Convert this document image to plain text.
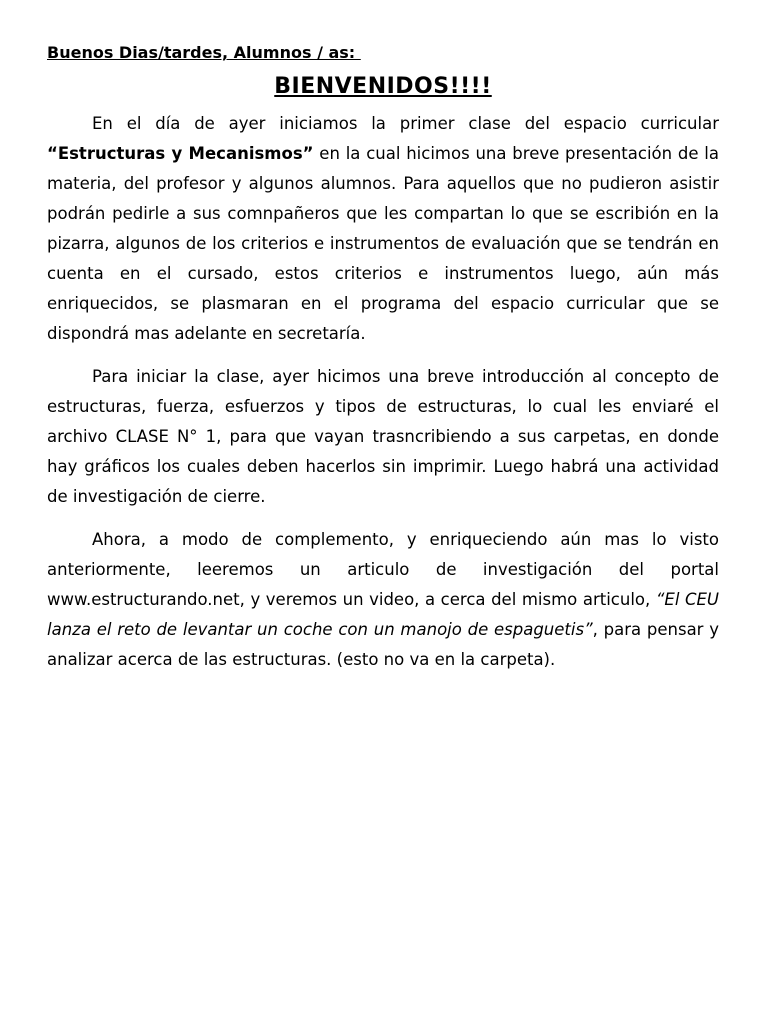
Buenos Dias/tardes, Alumnos / as:

BIENVENIDOS!!!!

En el día de ayer iniciamos la primer clase del espacio curricular “Estructuras y Mecanismos” en la cual hicimos una breve presentación de la materia, del profesor y algunos alumnos. Para aquellos que no pudieron asistir podrán pedirle a sus comnpañeros que les compartan lo que se escribión en la pizarra, algunos de los criterios e instrumentos de evaluación que se tendrán en cuenta en el cursado, estos criterios e instrumentos luego, aún más enriquecidos, se plasmaran en el programa del espacio curricular que se dispondrá mas adelante en secretaría.

Para iniciar la clase, ayer hicimos una breve introducción al concepto de estructuras, fuerza, esfuerzos y tipos de estructuras, lo cual les enviaré el archivo CLASE N° 1, para que vayan trasncribiendo a sus carpetas, en donde hay gráficos los cuales deben hacerlos sin imprimir. Luego habrá una actividad de investigación de cierre.

Ahora, a modo de complemento, y enriqueciendo aún mas lo visto anteriormente, leeremos un articulo de investigación del portal www.estructurando.net, y veremos un video, a cerca del mismo articulo, “El CEU lanza el reto de levantar un coche con un manojo de espaguetis”, para pensar y analizar acerca de las estructuras. (esto no va en la carpeta).
